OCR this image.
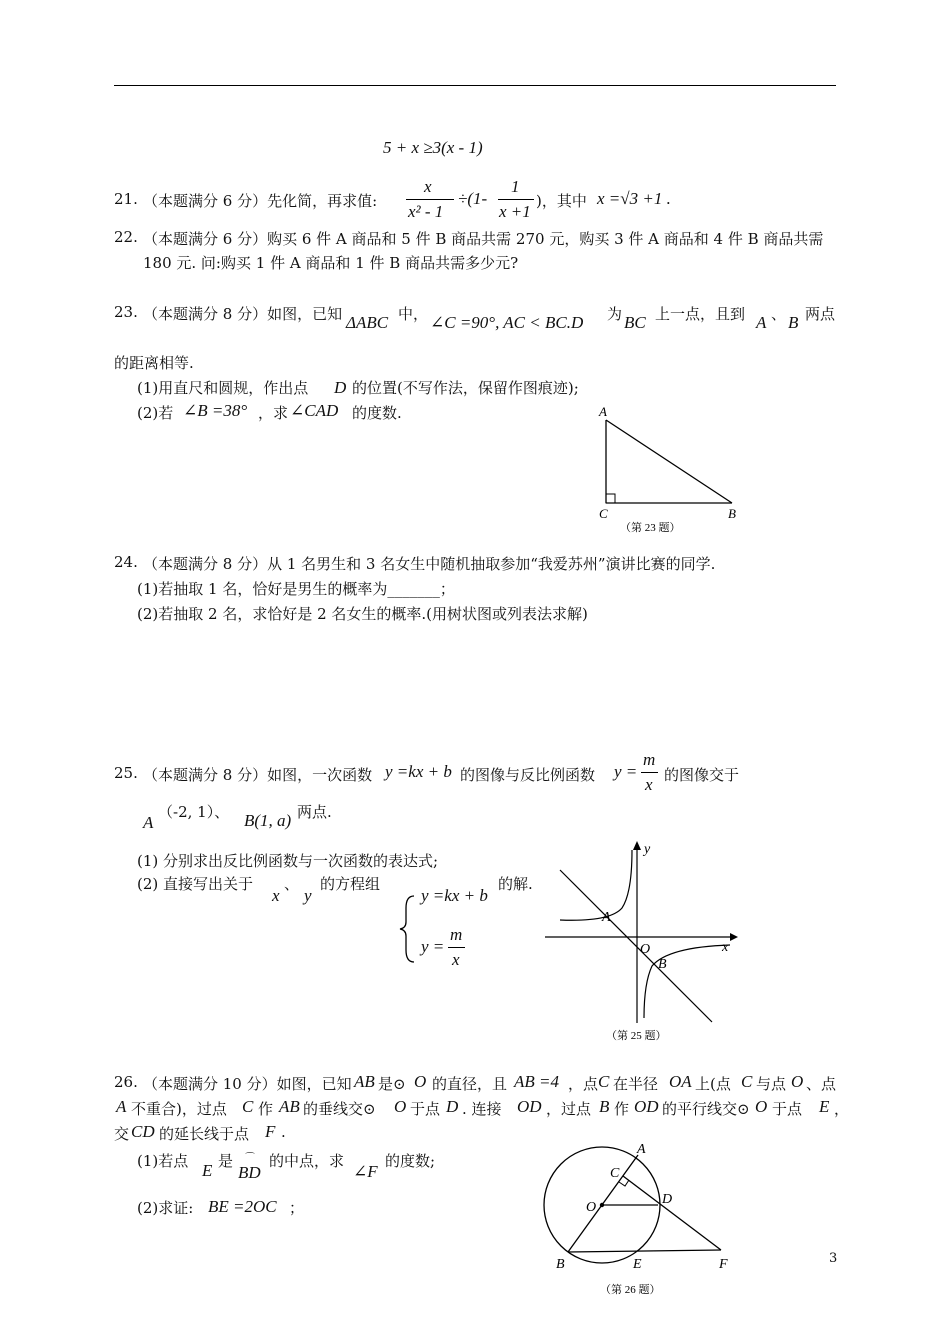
5 + x ≥3(x - 1)
21. （本题满分 6 分）先化简，再求值:
x
x² - 1
÷(1-
1
x +1
)，其中 x =√3 +1 .
22. （本题满分 6 分）购买 6 件 A 商品和 5 件 B 商品共需 270 元，购买 3 件 A 商品和 4 件 B 商品共需
180 元. 问:购买 1 件 A 商品和 1 件 B 商品共需多少元?
23. （本题满分 8 分）如图，已知 ΔABC 中， ∠C =90°, AC < BC.D 为 BC 上一点，且到 A 、 B 两点
的距离相等.
(1)用直尺和圆规，作出点 D 的位置(不写作法，保留作图痕迹);
(2)若 ∠B =38° ，求 ∠CAD 的度数.	A
C	B
（第 23 题）
24. （本题满分 8 分）从 1 名男生和 3 名女生中随机抽取参加“我爱苏州”演讲比赛的同学.
(1)若抽取 1 名，恰好是男生的概率为_______；
(2)若抽取 2 名，求恰好是 2 名女生的概率.(用树状图或列表法求解)
25. （本题满分 8 分）如图，一次函数 y =kx + b 的图像与反比例函数 y =
m
x 的图像交于
A
（-2, 1）、 B(1, a) 两点.
(1) 分别求出反比例函数与一次函数的表达式;
(2) 直接写出关于
x
、
y
的方程组
y =kx + b
y =
m
x
的解.
y
x
A
O
B
（第 25 题）
26. （本题满分 10 分）如图，已知 AB 是⊙ O 的直径，且 AB =4 ，点 C 在半径 OA 上(点 C 与点 O 、点
A 不重合)，过点 C 作 AB 的垂线交⊙ O 于点 D . 连接 OD ，过点 B 作 OD 的平行线交⊙ O 于点 E ，
交 CD 的延长线于点 F .
(1)若点 E 是 ⌒
BD
的中点，求
∠F
的度数;
(2)求证: BE =2OC ；
A
C
O
D
B	E	F
（第 26 题）
3
